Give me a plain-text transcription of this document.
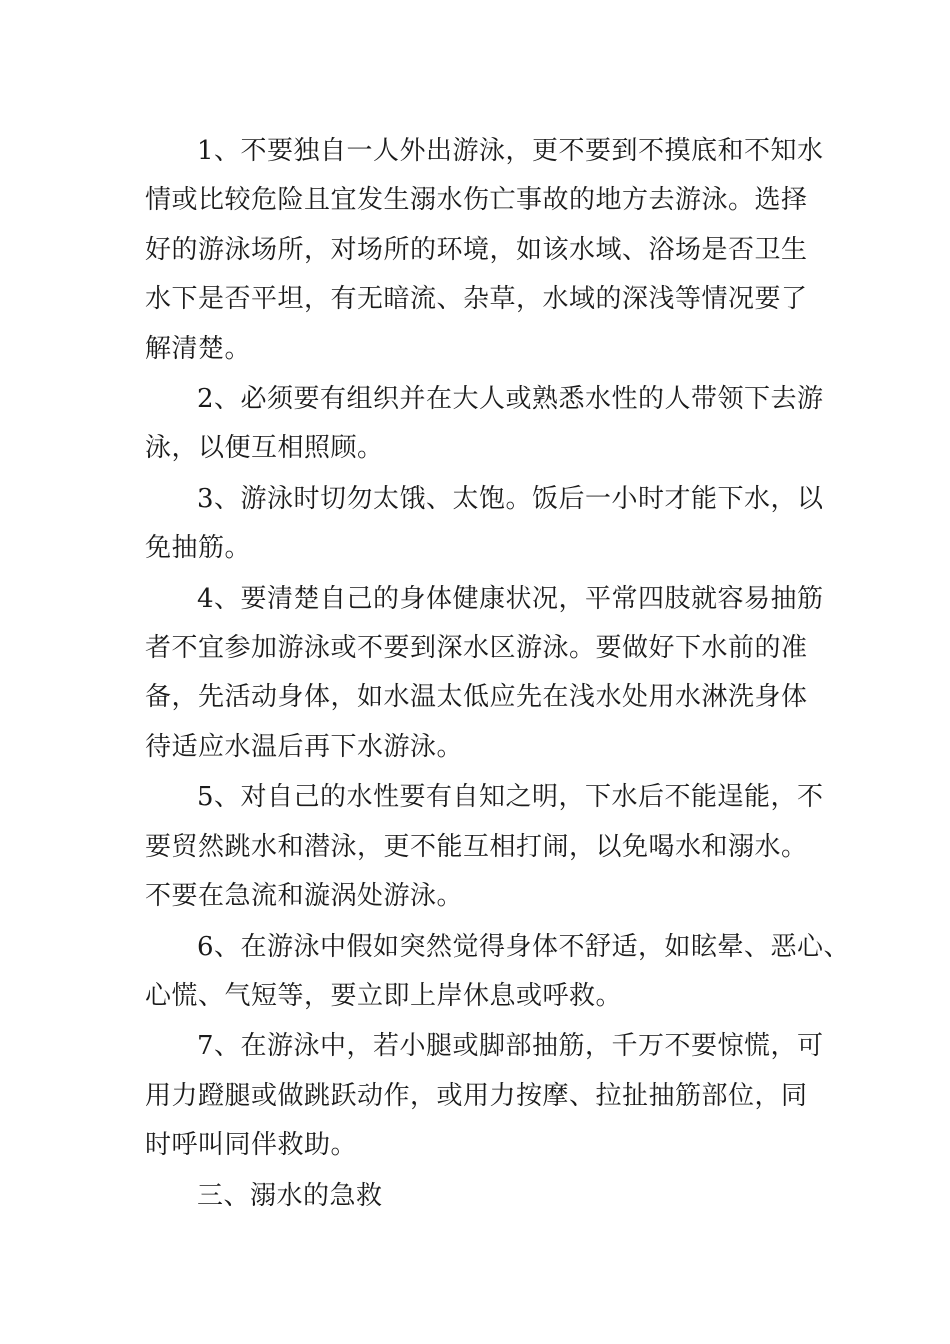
1、不要独自一人外出游泳，更不要到不摸底和不知水
情或比较危险且宜发生溺水伤亡事故的地方去游泳。选择
好的游泳场所，对场所的环境，如该水域、浴场是否卫生
水下是否平坦，有无暗流、杂草，水域的深浅等情况要了
解清楚。

2、必须要有组织并在大人或熟悉水性的人带领下去游
泳，以便互相照顾。

3、游泳时切勿太饿、太饱。饭后一小时才能下水，以
免抽筋。

4、要清楚自己的身体健康状况，平常四肢就容易抽筋
者不宜参加游泳或不要到深水区游泳。要做好下水前的准
备，先活动身体，如水温太低应先在浅水处用水淋洗身体
待适应水温后再下水游泳。

5、对自己的水性要有自知之明，下水后不能逞能，不
要贸然跳水和潜泳，更不能互相打闹，以免喝水和溺水。
不要在急流和漩涡处游泳。

6、在游泳中假如突然觉得身体不舒适，如眩晕、恶心、
心慌、气短等，要立即上岸休息或呼救。

7、在游泳中，若小腿或脚部抽筋，千万不要惊慌，可
用力蹬腿或做跳跃动作，或用力按摩、拉扯抽筋部位，同
时呼叫同伴救助。

三、溺水的急救
